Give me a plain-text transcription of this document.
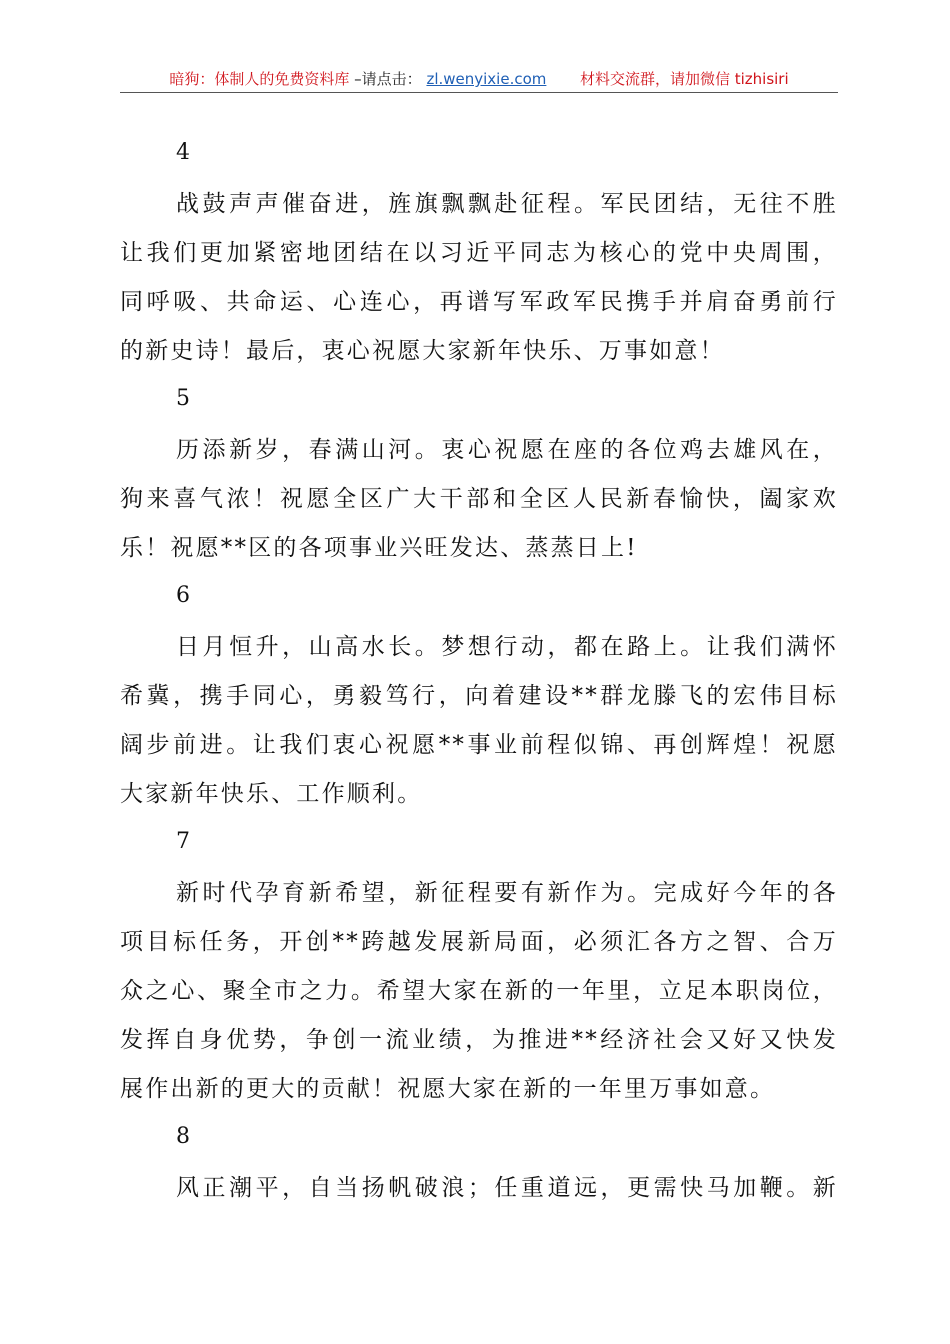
暗狗：体制人的免费资料库 –请点击： zl.wenyixie.com 材料交流群，请加微信 tizhisiri
4
战鼓声声催奋进，旌旗飘飘赴征程。军民团结，无往不胜
让我们更加紧密地团结在以习近平同志为核心的党中央周围，
同呼吸、共命运、心连心，再谱写军政军民携手并肩奋勇前行
的新史诗！最后，衷心祝愿大家新年快乐、万事如意！
5
历添新岁，春满山河。衷心祝愿在座的各位鸡去雄风在，
狗来喜气浓！祝愿全区广大干部和全区人民新春愉快，阖家欢
乐！祝愿**区的各项事业兴旺发达、蒸蒸日上!
6
日月恒升，山高水长。梦想行动，都在路上。让我们满怀
希冀，携手同心，勇毅笃行，向着建设**群龙滕飞的宏伟目标
阔步前进。让我们衷心祝愿**事业前程似锦、再创辉煌！祝愿
大家新年快乐、工作顺利。
7
新时代孕育新希望，新征程要有新作为。完成好今年的各
项目标任务，开创**跨越发展新局面，必须汇各方之智、合万
众之心、聚全市之力。希望大家在新的一年里，立足本职岗位，
发挥自身优势，争创一流业绩，为推进**经济社会又好又快发
展作出新的更大的贡献！祝愿大家在新的一年里万事如意。
8
风正潮平，自当扬帆破浪；任重道远，更需快马加鞭。新
